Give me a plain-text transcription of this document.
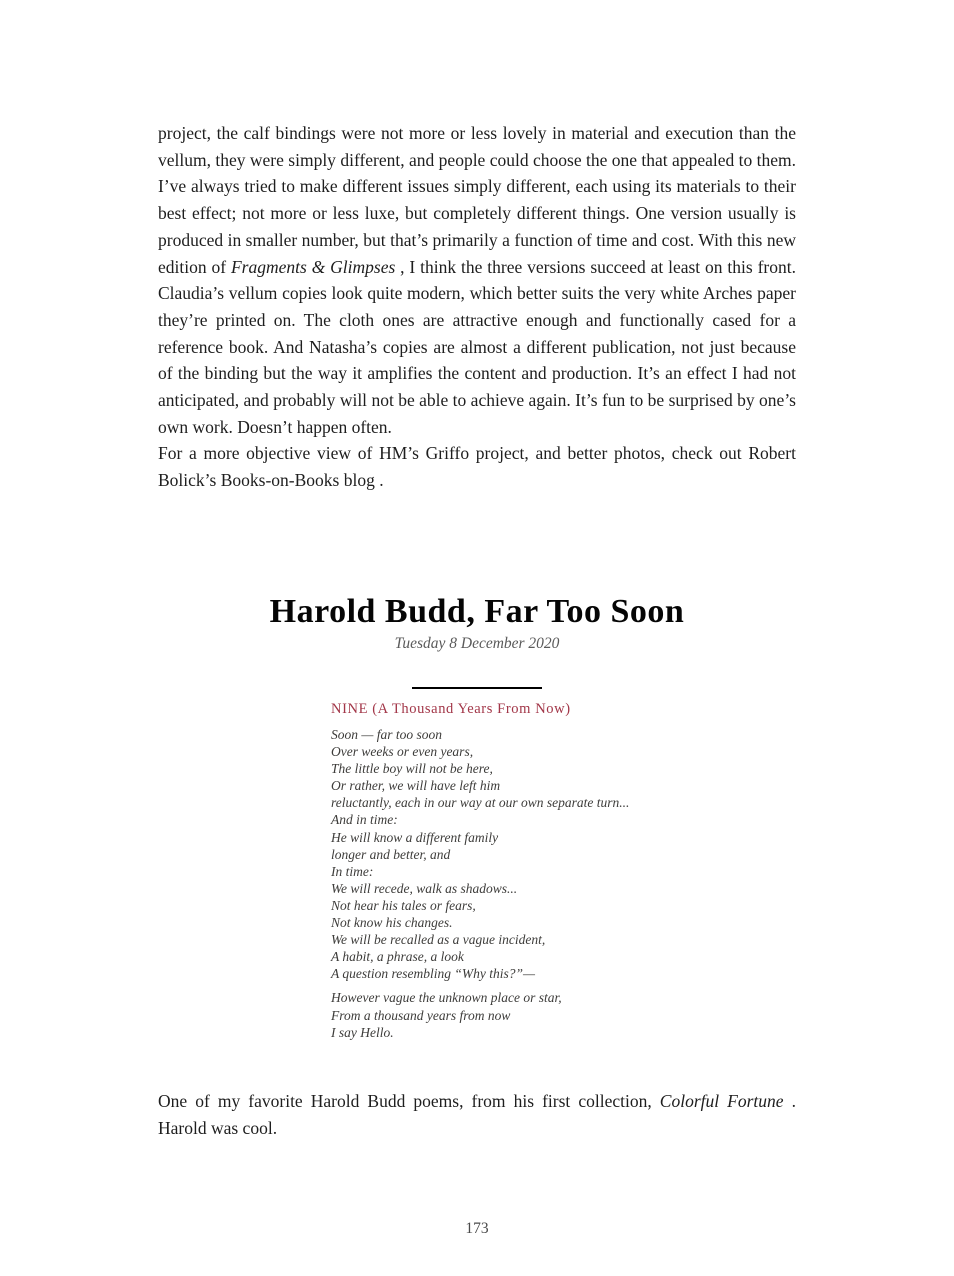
project, the calf bindings were not more or less lovely in material and execution than the vellum, they were simply different, and people could choose the one that appealed to them. I’ve always tried to make different issues simply different, each using its materials to their best effect; not more or less luxe, but completely different things. One version usually is produced in smaller number, but that’s primarily a function of time and cost. With this new edition of Fragments & Glimpses , I think the three versions succeed at least on this front. Claudia’s vellum copies look quite modern, which better suits the very white Arches paper they’re printed on. The cloth ones are attractive enough and functionally cased for a reference book. And Natasha’s copies are almost a different publication, not just because of the binding but the way it amplifies the content and production. It’s an effect I had not anticipated, and probably will not be able to achieve again. It’s fun to be surprised by one’s own work. Doesn’t happen often.

For a more objective view of HM’s Griffo project, and better photos, check out Robert Bolick’s Books-on-Books blog .

Harold Budd, Far Too Soon
Tuesday 8 December 2020
NINE (A Thousand Years From Now)
Soon — far too soon
Over weeks or even years,
The little boy will not be here,
Or rather, we will have left him
reluctantly, each in our way at our own separate turn...
And in time:
He will know a different family
longer and better, and
In time:
We will recede, walk as shadows...
Not hear his tales or fears,
Not know his changes.
We will be recalled as a vague incident,
A habit, a phrase, a look
A question resembling “Why this?”—
However vague the unknown place or star,
From a thousand years from now
I say Hello.

One of my favorite Harold Budd poems, from his first collection, Colorful Fortune . Harold was cool.

173
